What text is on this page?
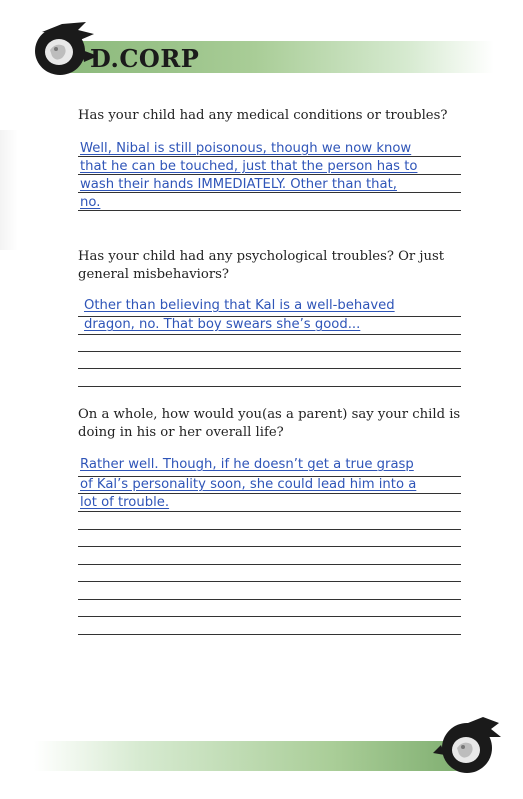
D.CORP
Has your child had any medical conditions or troubles?
Well, Nibal is still poisonous, though we now know
that he can be touched, just that the person has to
wash their hands IMMEDIATELY. Other than that,
no.
Has your child had any psychological troubles? Or just
general misbehaviors?
Other than believing that Kal is a well-behaved
dragon, no. That boy swears she’s good...
On a whole, how would you(as a parent) say your child is
doing in his or her overall life?
Rather well. Though, if he doesn’t get a true grasp
of Kal’s personality soon, she could lead him into a
lot of trouble.
